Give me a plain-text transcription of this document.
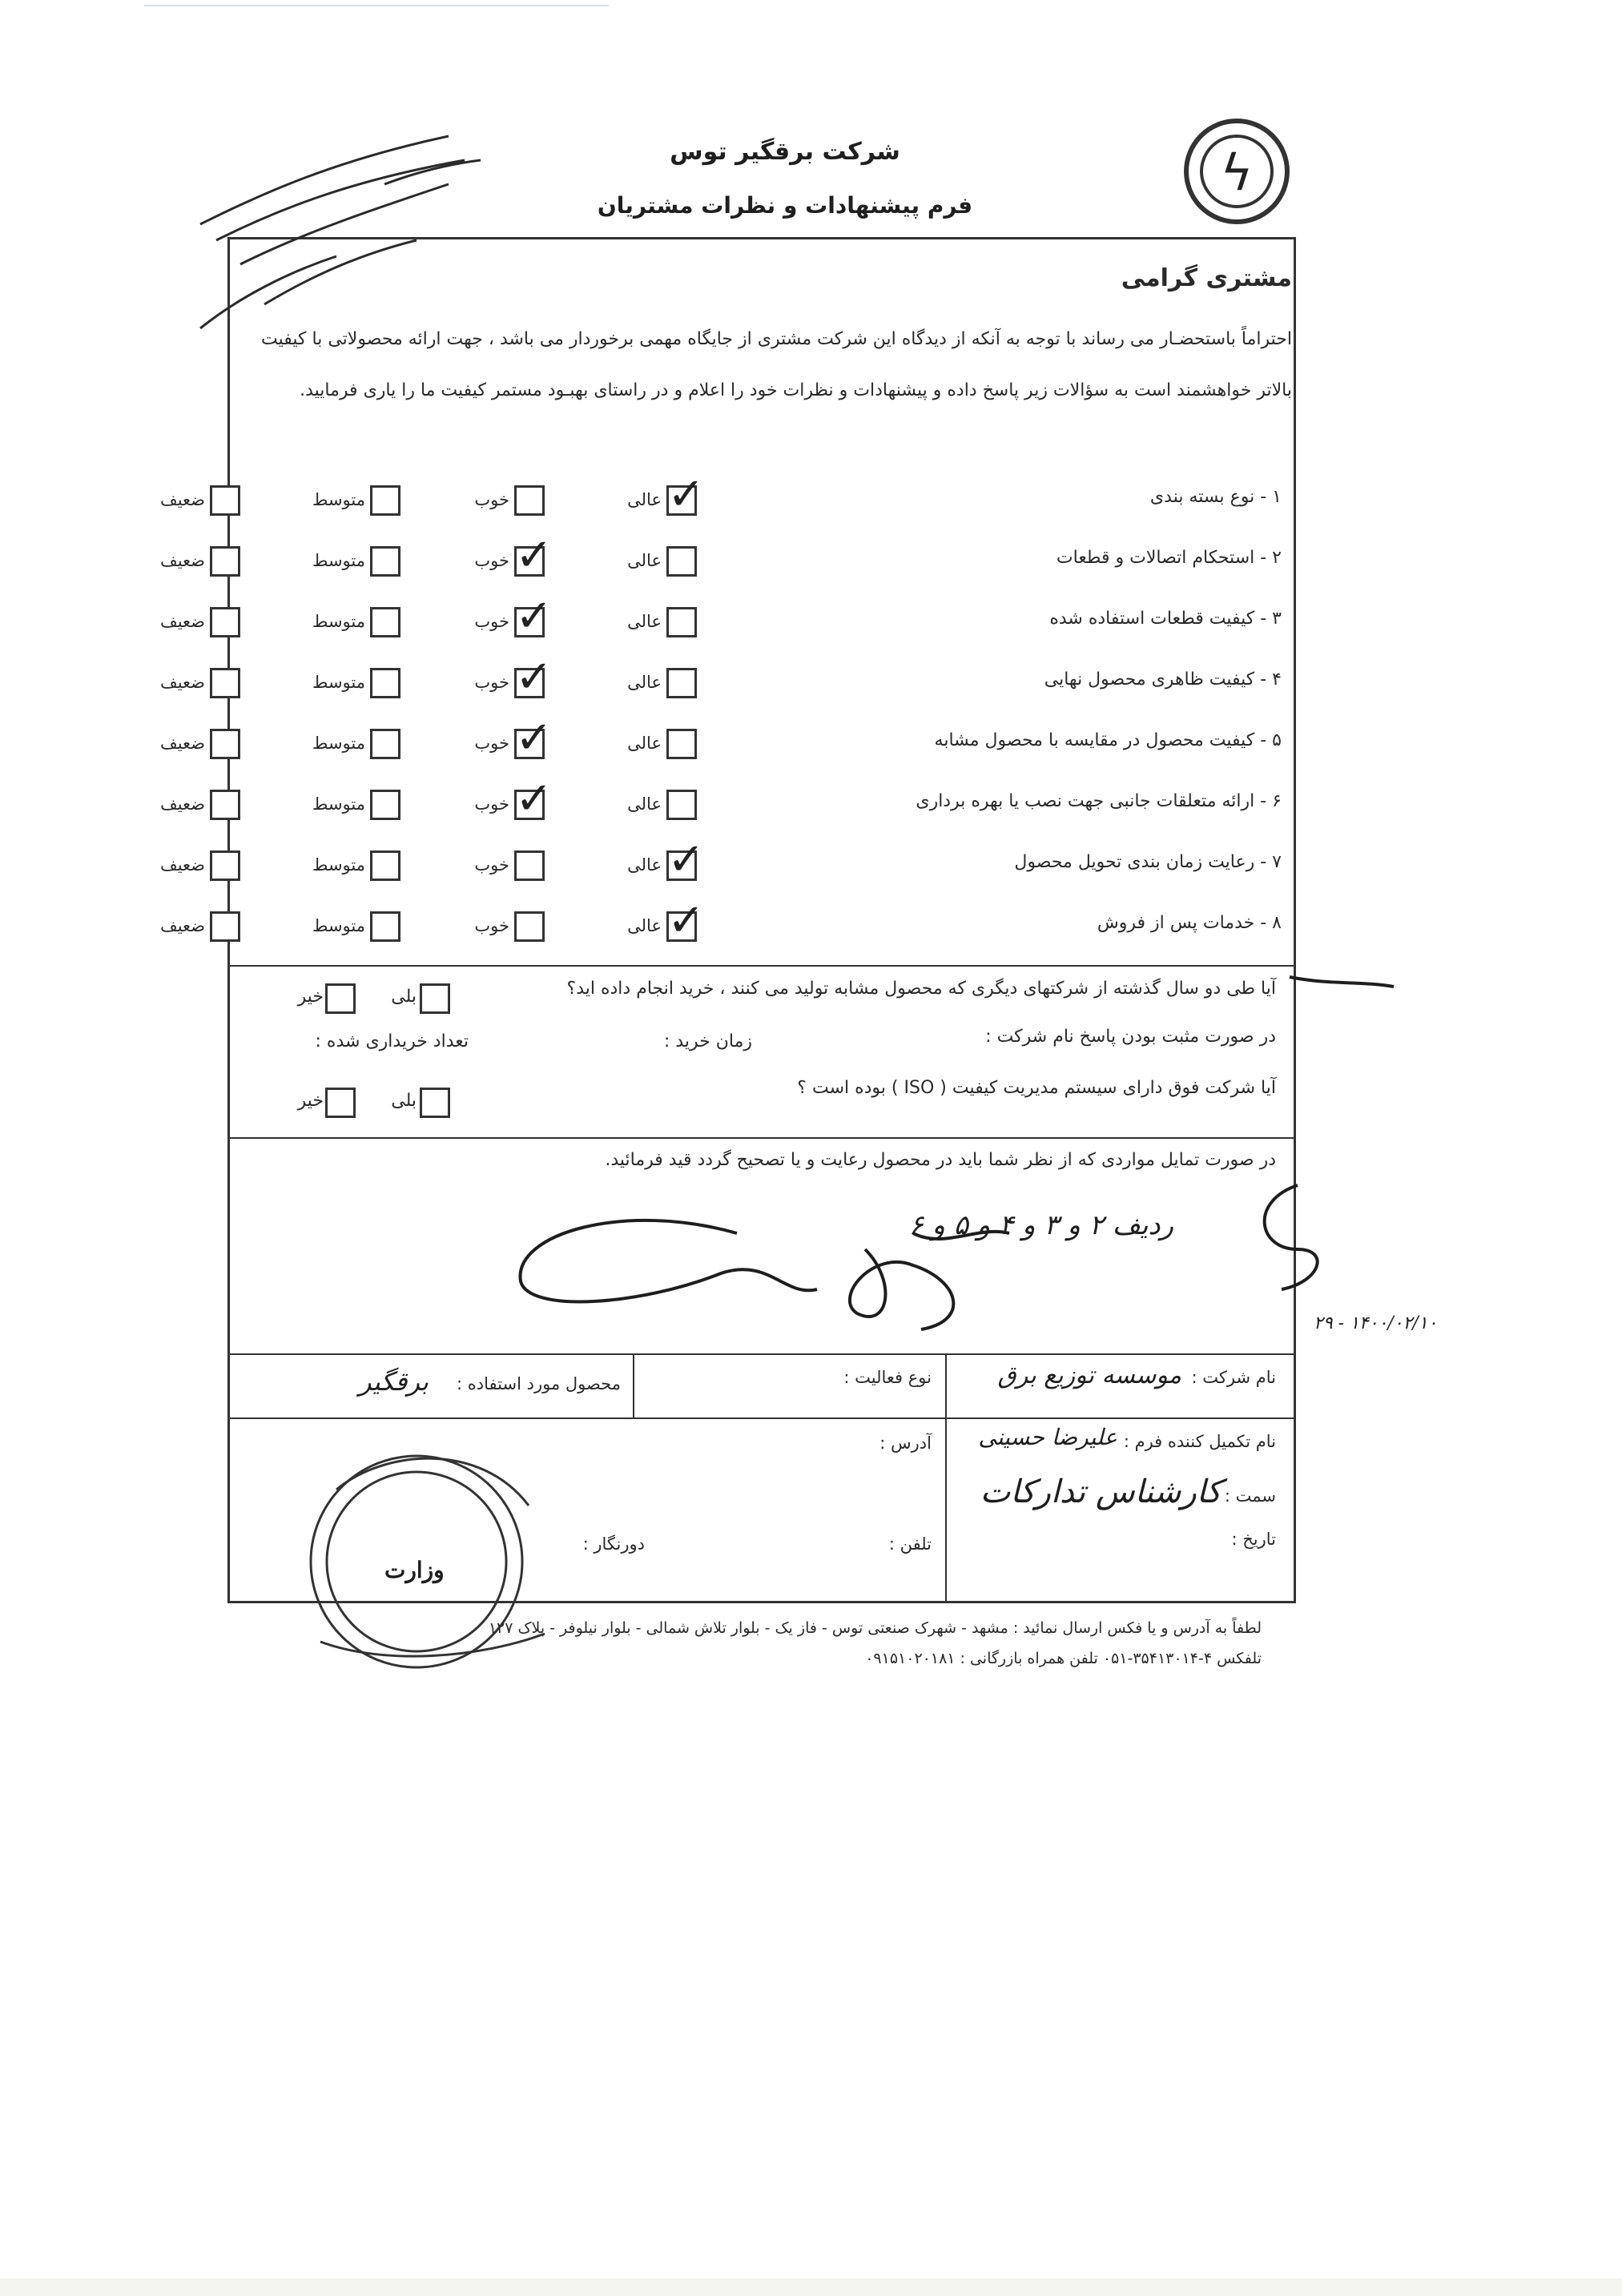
ϟ
شرکت برقگیر توس
فرم پیشنهادات و نظرات مشتریان
مشتری گرامی
احتراماً باستحضـار می رساند با توجه به آنکه از دیدگاه این شرکت مشتری از جایگاه مهمی برخوردار می باشد ، جهت ارائه محصولاتی با کیفیت بالاتر خواهشمند است به سؤالات زیر پاسخ داده و پیشنهادات و نظرات خود را اعلام و در راستای بهبـود مستمر کیفیت ما را یاری فرمایید.
۱ - نوع بسته بندی
✓
عالی
خوب
متوسط
ضعیف
۲ - استحکام اتصالات و قطعات
عالی
✓
خوب
متوسط
ضعیف
۳ - کیفیت قطعات استفاده شده
عالی
✓
خوب
متوسط
ضعیف
۴ - کیفیت ظاهری محصول نهایی
عالی
✓
خوب
متوسط
ضعیف
۵ - کیفیت محصول در مقایسه با محصول مشابه
عالی
✓
خوب
متوسط
ضعیف
۶ - ارائه متعلقات جانبی جهت نصب یا بهره برداری
عالی
✓
خوب
متوسط
ضعیف
۷ - رعایت زمان بندی تحویل محصول
✓
عالی
خوب
متوسط
ضعیف
۸ - خدمات پس از فروش
✓
عالی
خوب
متوسط
ضعیف
آیا طی دو سال گذشته از شرکتهای دیگری که محصول مشابه تولید می کنند ، خرید انجام داده اید؟
بلی
خیر
در صورت مثبت بودن پاسخ نام شرکت :
زمان خرید :
تعداد خریداری شده :
آیا شرکت فوق دارای سیستم مدیریت کیفیت ( ISO ) بوده است ؟
بلی
خیر
در صورت تمایل مواردی که از نظر شما باید در محصول رعایت و یا تصحیح گردد قید فرمائید.
ردیف ۲ و ۳ و ۴ و ۵ و ۶
نام شرکت :
موسسه توزیع برق
نوع فعالیت :
محصول مورد استفاده :
برقگیر
نام تکمیل کننده فرم :
علیرضا حسینی
سمت :
کارشناس تدارکات
تاریخ :
آدرس :
تلفن :
دورنگار :
لطفاً به آدرس و یا فکس ارسال نمائید : مشهد - شهرک صنعتی توس - فاز یک - بلوار تلاش شمالی - بلوار نیلوفر - پلاک ۱۲۷
تلفکس ۴-۳۵۴۱۳۰۱۴-۰۵۱ تلفن همراه بازرگانی : ۰۹۱۵۱۰۲۰۱۸۱
وزارت
۱۴۰۰/۰۲/۱۰ - ۲۹
